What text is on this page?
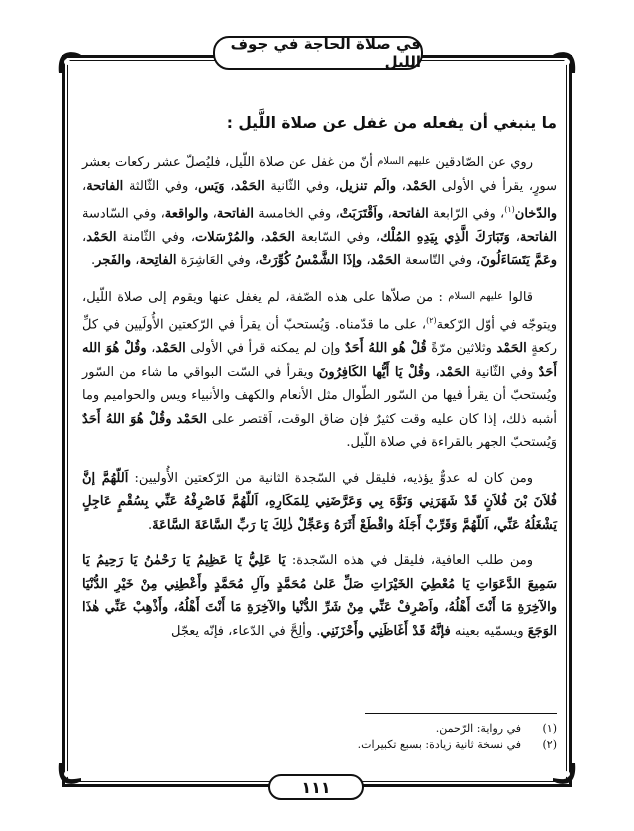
في صلاة الحاجة في جوف الليل
ما ينبغي أن يفعله من غفل عن صلاة اللَّيل :

روي عن الصّادقين عليهم السلام أنّ من غفل عن صلاة اللّيل، فليُصلّ عشر ركعات بعشر سورٍ، يقرأ في الأولى الحَمْد، والَم تنزيل، وفي الثّانية الحَمْد، وَيَس، وفي الثّالثة الفاتحة، والدّخان$^{(١)}$، وفي الرّابعة الفاتحة، واَقْتَرَبَتْ، وفي الخامسة الفاتحة، والواقعة، وفي السّادسة الفاتحة، وَتَبَارَكَ الَّذِي بِيَدِهِ المُلْك، وفي السّابعة الحَمْد، والمُرْسَلات، وفي الثّامنة الحَمْد، وعَمَّ يَتَسَاءَلُونَ، وفي التّاسعة الحَمْد، وإذَا الشَّمْسُ كُوِّرَتْ، وفي العَاشِرَة الفاتِحة، والفَجر.

قالوا عليهم السلام : من صلاّها على هذه الصّفة، لم يغفل عنها ويقوم إلى صلاة اللّيل، ويتوجّه في أوّل الرّكعة$^{(٢)}$، على ما قدّمناه. وَيُستحبّ أن يقرأ في الرّكعتين الأُولَيين في كلِّ ركعةٍ الحَمْد وثلاثين مرّةً قُلْ هُو اللهُ أَحَدٌ وإن لم يمكنه قرأ في الأولى الحَمْد، وقُلْ هُوَ الله أَحَدٌ وفي الثّانية الحَمْد، وقُلْ يَا أَيُّها الكَافِرُونَ ويقرأ في السّت البواقي ما شاء من السّور ويُستحبّ أن يقرأ فيها من السّور الطّوال مثل الأنعام والكهف والأنبياء ويس والحواميم وما أشبه ذلك، إذا كان عليه وقت كثيرٌ فإن ضاق الوقت، اَقتصر على الحَمْد وقُلْ هُوَ اللهُ أَحَدٌ وَيُستحبّ الجهر بالقراءة في صلاة اللّيل.

ومن كان له عدوٌّ يؤذيه، فليقل في السّجدة الثانية من الرّكعتين الأُوليين: اَللّهُمَّ إنَّ فُلاَنَ بْنَ فُلاَنٍ قَدْ شَهَرَنِي وَنَوَّهَ بِي وَعَرَّضَنِي لِلمَكَارِهِ، اَللّهُمَّ فَاصْرِفْهُ عَنِّي بِسُقْمٍ عَاجِلٍ يَشْغَلُهُ عَنِّي، اَللّهُمَّ وَقَرِّبْ أَجَلَهُ واقْطَعْ أَثَرَهُ وَعَجِّلْ ذٰلِكَ يَا رَبِّ السَّاعَةَ السَّاعَةَ.

ومن طلب العافية، فليقل في هذه السّجدة: يَا عَلِيُّ يَا عَظِيمُ يَا رَحْمٰنُ يَا رَحِيمُ يَا سَمِيعَ الدَّعَوَاتِ يَا مُعْطِيَ الخَيْرَاتِ صَلِّ عَلىٰ مُحَمَّدٍ وآلِ مُحَمَّدٍ وأَعْطِنِي مِنْ خَيْرِ الدُّنْيَا والآخِرَةِ مَا أَنْتَ أَهْلُهُ، واَصْرِفْ عَنِّي مِنْ شَرِّ الدُّنْيا والآخِرَةِ مَا أَنْتَ أَهْلُهُ، وأَذْهِبْ عَنِّي هٰذَا الوَجَعَ ويسمّيه بعينه فإنَّهُ قَدْ أَغَاظَنِي وأَحْزَنَنِي. وألِحَّ في الدّعاء، فإنّه يعجّل

(١)
في رواية: الرّحمن.
(٢)
في نسخة ثانية زيادة: بسبع تكبيرات.
١١١
